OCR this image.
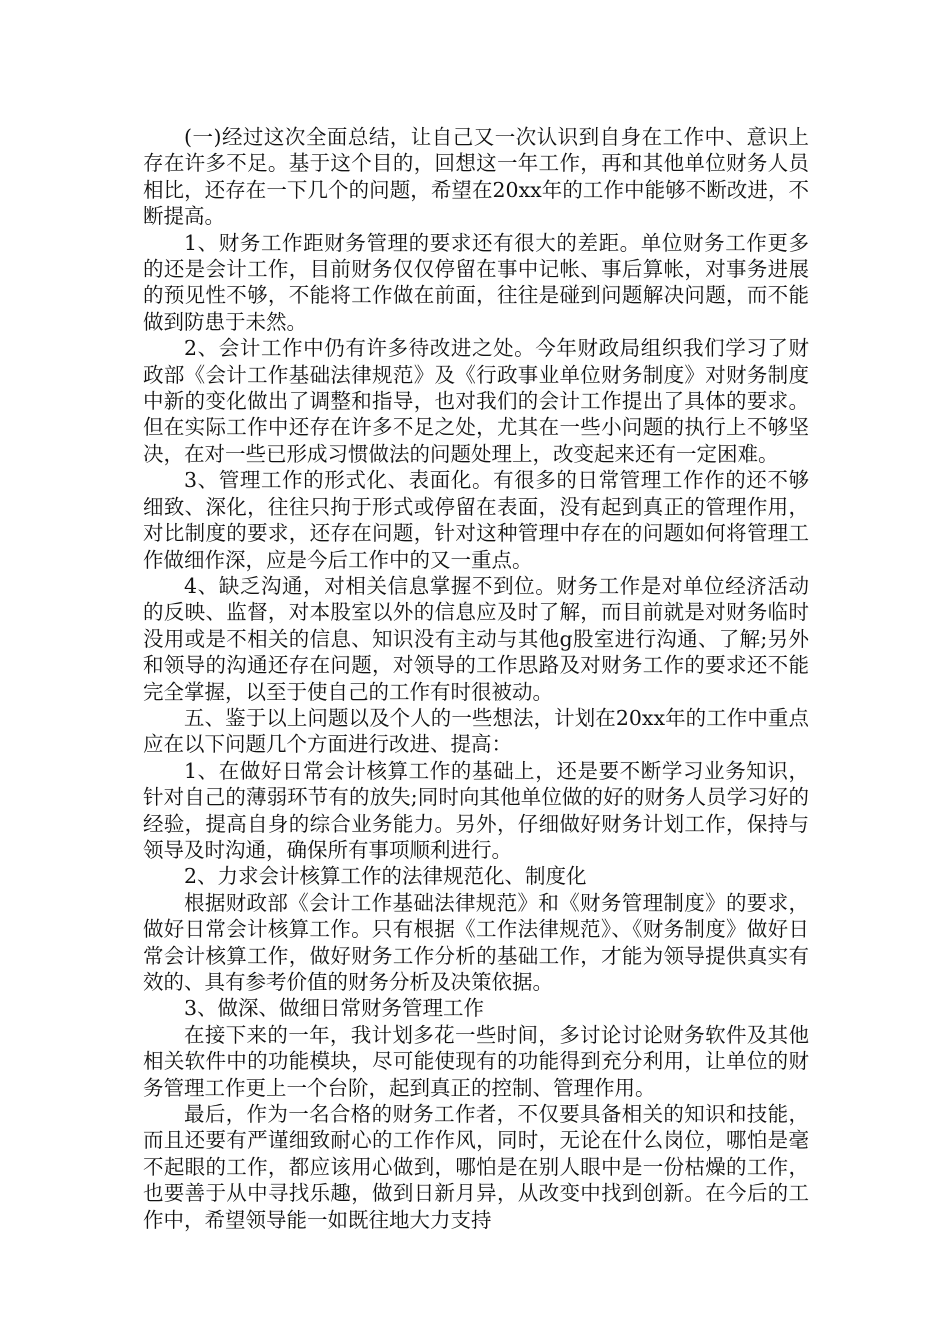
(一)经过这次全面总结，让自己又一次认识到自身在工作中、意识上存在许多不足。基于这个目的，回想这一年工作，再和其他单位财务人员相比，还存在一下几个的问题，希望在20xx年的工作中能够不断改进，不断提高。

1、财务工作距财务管理的要求还有很大的差距。单位财务工作更多的还是会计工作，目前财务仅仅停留在事中记帐、事后算帐，对事务进展的预见性不够，不能将工作做在前面，往往是碰到问题解决问题，而不能做到防患于未然。

2、会计工作中仍有许多待改进之处。今年财政局组织我们学习了财政部《会计工作基础法律规范》及《行政事业单位财务制度》对财务制度中新的变化做出了调整和指导，也对我们的会计工作提出了具体的要求。但在实际工作中还存在许多不足之处，尤其在一些小问题的执行上不够坚决，在对一些已形成习惯做法的问题处理上，改变起来还有一定困难。

3、管理工作的形式化、表面化。有很多的日常管理工作作的还不够细致、深化，往往只拘于形式或停留在表面，没有起到真正的管理作用，对比制度的要求，还存在问题，针对这种管理中存在的问题如何将管理工作做细作深，应是今后工作中的又一重点。

4、缺乏沟通，对相关信息掌握不到位。财务工作是对单位经济活动的反映、监督，对本股室以外的信息应及时了解，而目前就是对财务临时没用或是不相关的信息、知识没有主动与其他g股室进行沟通、了解;另外和领导的沟通还存在问题，对领导的工作思路及对财务工作的要求还不能完全掌握，以至于使自己的工作有时很被动。

五、鉴于以上问题以及个人的一些想法，计划在20xx年的工作中重点应在以下问题几个方面进行改进、提高：

1、在做好日常会计核算工作的基础上，还是要不断学习业务知识，针对自己的薄弱环节有的放失;同时向其他单位做的好的财务人员学习好的经验，提高自身的综合业务能力。另外，仔细做好财务计划工作，保持与领导及时沟通，确保所有事项顺利进行。

2、力求会计核算工作的法律规范化、制度化

根据财政部《会计工作基础法律规范》和《财务管理制度》的要求，做好日常会计核算工作。只有根据《工作法律规范》、《财务制度》做好日常会计核算工作，做好财务工作分析的基础工作，才能为领导提供真实有效的、具有参考价值的财务分析及决策依据。

3、做深、做细日常财务管理工作

在接下来的一年，我计划多花一些时间，多讨论讨论财务软件及其他相关软件中的功能模块，尽可能使现有的功能得到充分利用，让单位的财务管理工作更上一个台阶，起到真正的控制、管理作用。

最后，作为一名合格的财务工作者，不仅要具备相关的知识和技能，而且还要有严谨细致耐心的工作作风，同时，无论在什么岗位，哪怕是毫不起眼的工作，都应该用心做到，哪怕是在别人眼中是一份枯燥的工作，也要善于从中寻找乐趣，做到日新月异，从改变中找到创新。在今后的工作中，希望领导能一如既往地大力支持
